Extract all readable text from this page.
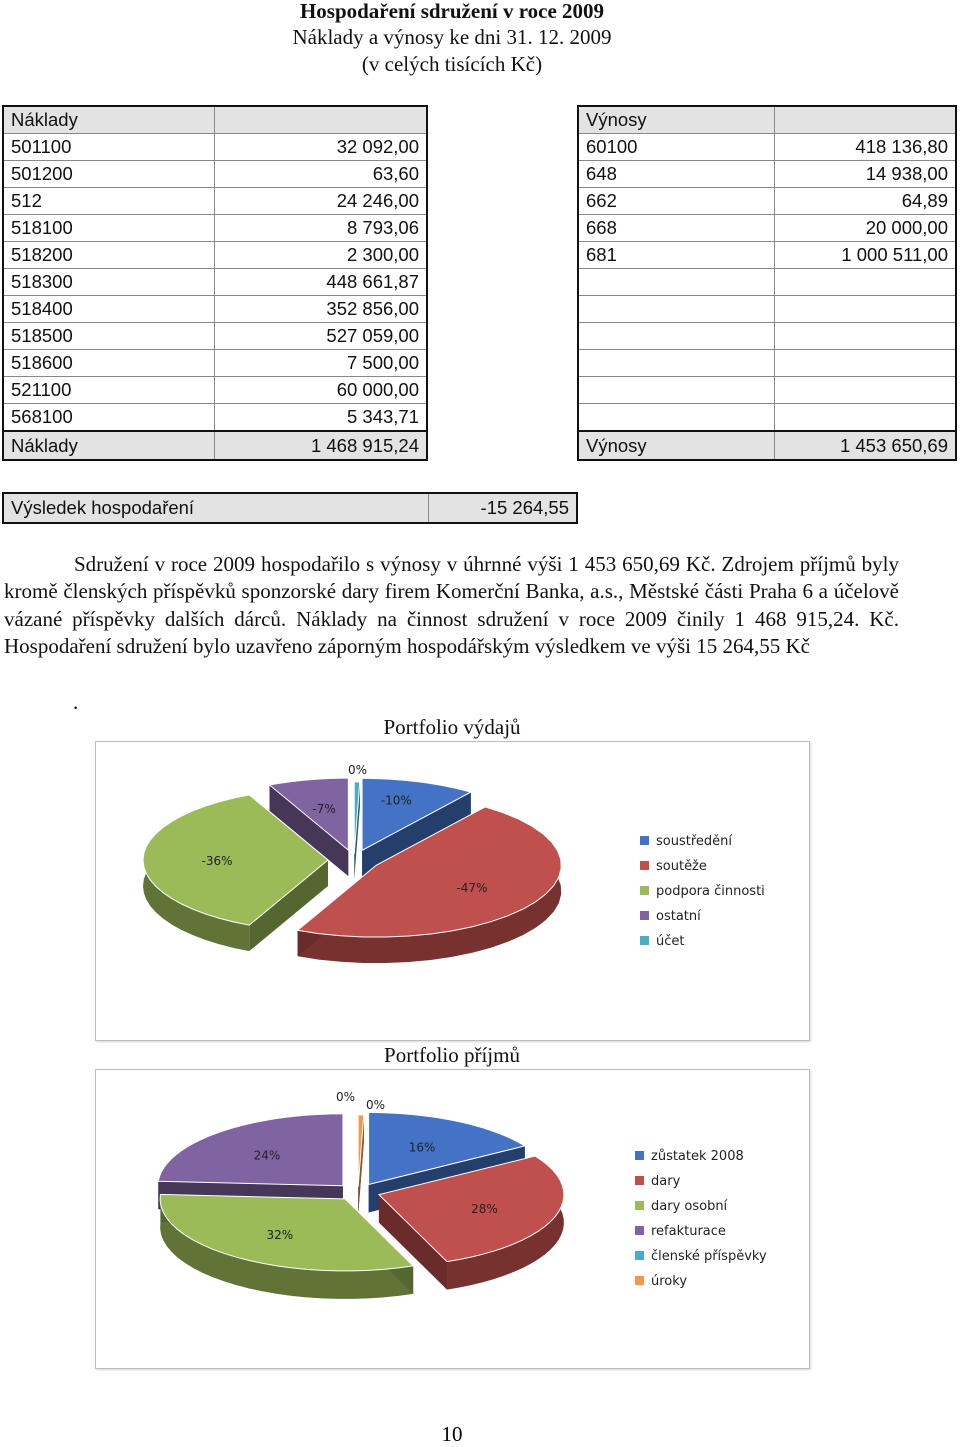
Hospodaření sdružení v roce 2009
Náklady a výnosy ke dni 31. 12. 2009
(v celých tisících Kč)
Náklady	
501100	32 092,00
501200	63,60
512	24 246,00
518100	8 793,06
518200	2 300,00
518300	448 661,87
518400	352 856,00
518500	527 059,00
518600	7 500,00
521100	60 000,00
568100	5 343,71
Náklady	1 468 915,24
Výnosy	
60100	418 136,80
648	14 938,00
662	64,89
668	20 000,00
681	1 000 511,00

Výnosy	1 453 650,69
Výsledek hospodaření	-15 264,55

Sdružení v roce 2009 hospodařilo s výnosy v úhrnné výši 1 453 650,69 Kč. Zdrojem příjmů byly kromě členských příspěvků sponzorské dary firem Komerční Banka, a.s., Městské části Praha 6 a účelově vázané příspěvky dalších dárců. Náklady na činnost sdružení v roce 2009 činily 1 468 915,24. Kč. Hospodaření sdružení bylo uzavřeno záporným hospodářským výsledkem ve výši 15 264,55 Kč

.
Portfolio výdajů
-10%
-47%
-36%
-7%
0%
soustředění
soutěže
podpora činnosti
ostatní
účet
Portfolio příjmů
16%
28%
32%
24%
0%
0%
zůstatek 2008
dary
dary osobní
refakturace
členské příspěvky
úroky
10
